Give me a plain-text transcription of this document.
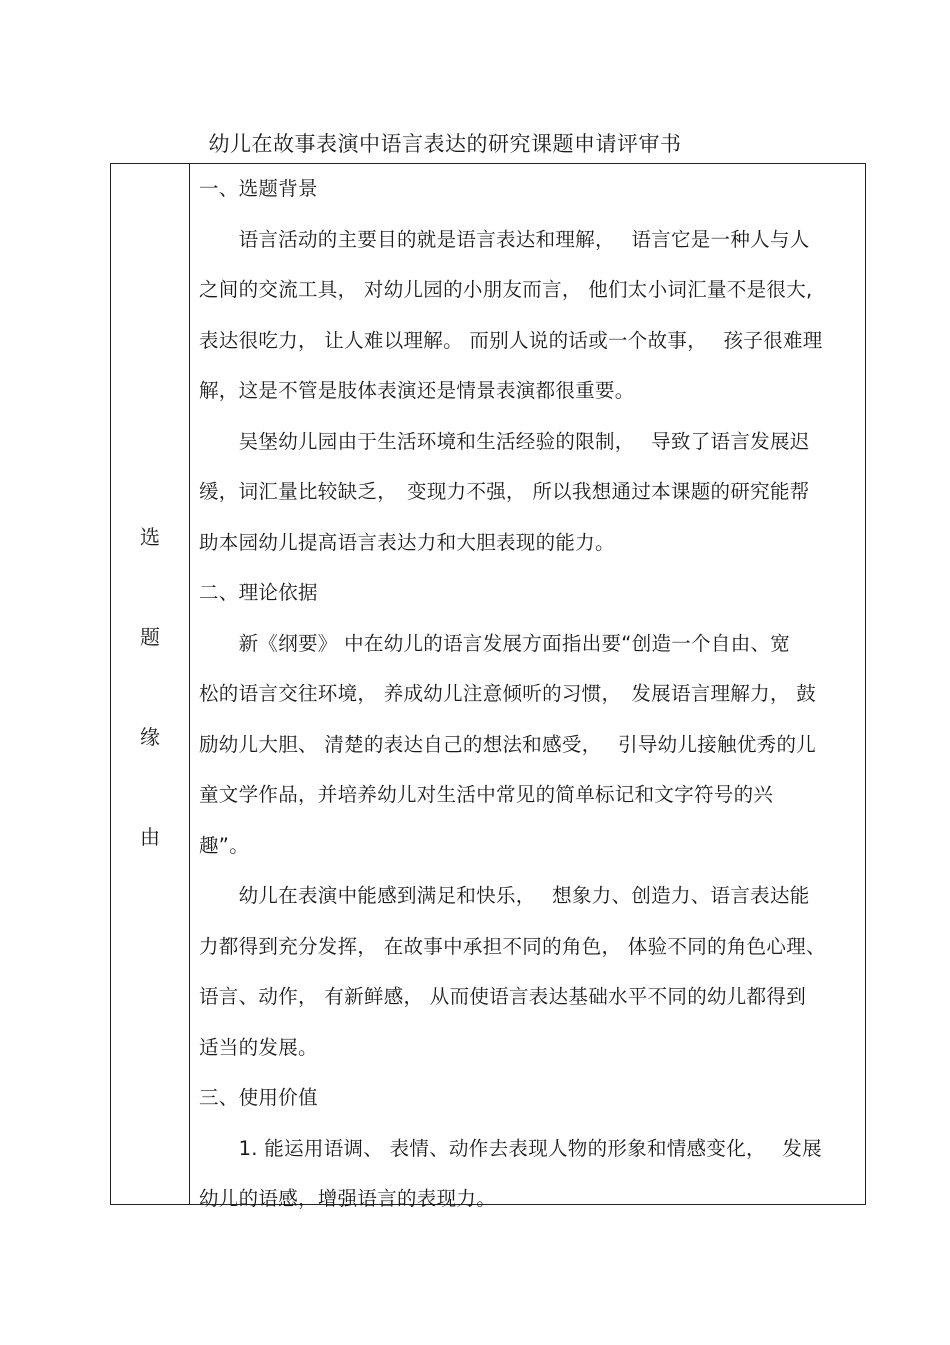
幼儿在故事表演中语言表达的研究课题申请评审书
选
题
缘
由
一、选题背景
　　语言活动的主要目的就是语言表达和理解，　 语言它是一种人与人
之间的交流工具， 对幼儿园的小朋友而言， 他们太小词汇量不是很大,
表达很吃力， 让人难以理解。 而别人说的话或一个故事，　 孩子很难理
解，这是不管是肢体表演还是情景表演都很重要。
　　吴堡幼儿园由于生活环境和生活经验的限制，　 导致了语言发展迟
缓，词汇量比较缺乏，　变现力不强， 所以我想通过本课题的研究能帮
助本园幼儿提高语言表达力和大胆表现的能力。
二、理论依据
　　新《纲要》 中在幼儿的语言发展方面指出要“创造一个自由、宽
松的语言交往环境， 养成幼儿注意倾听的习惯，　发展语言理解力， 鼓
励幼儿大胆、 清楚的表达自己的想法和感受，　 引导幼儿接触优秀的儿
童文学作品，并培养幼儿对生活中常见的简单标记和文字符号的兴
趣”。
　　幼儿在表演中能感到满足和快乐，　 想象力、创造力、语言表达能
力都得到充分发挥， 在故事中承担不同的角色， 体验不同的角色心理、
语言、动作， 有新鲜感， 从而使语言表达基础水平不同的幼儿都得到
适当的发展。
三、使用价值
　　1. 能运用语调、 表情、动作去表现人物的形象和情感变化，　 发展
幼儿的语感，增强语言的表现力。
